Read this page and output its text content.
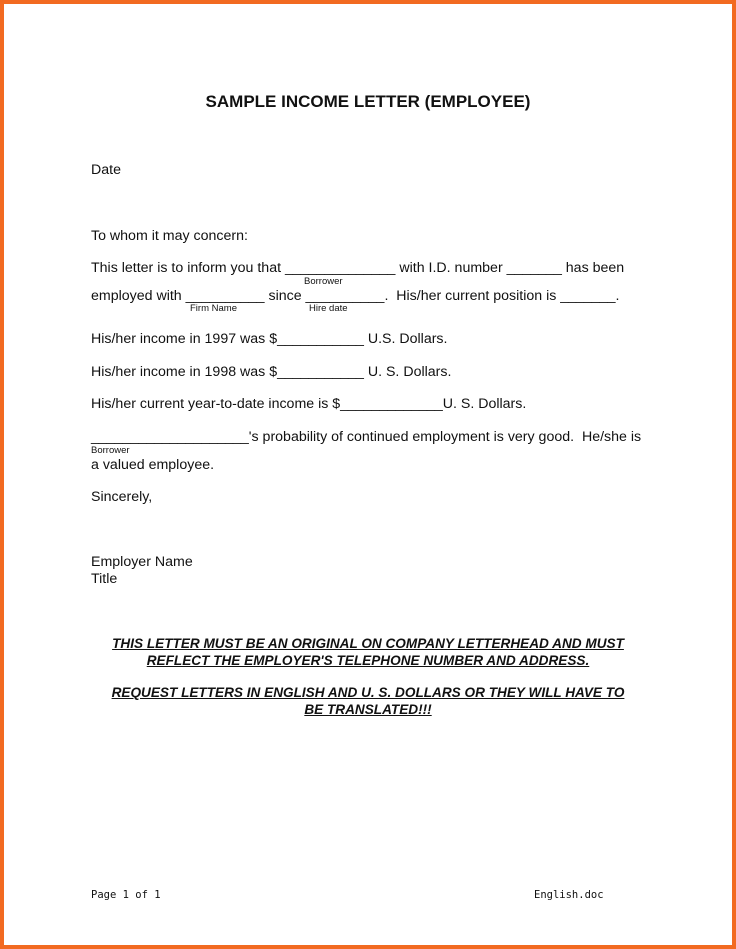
SAMPLE INCOME LETTER (EMPLOYEE)
Date
To whom it may concern:
This letter is to inform you that ______________ with I.D. number _______ has been
Borrower
employed with __________ since __________.  His/her current position is _______.
Firm Name	Hire date
His/her income in 1997 was $___________ U.S. Dollars.
His/her income in 1998 was $___________ U. S. Dollars.
His/her current year-to-date income is $_____________U. S. Dollars.
____________________'s probability of continued employment is very good.  He/she is
Borrower
a valued employee.
Sincerely,
Employer Name
Title
THIS LETTER MUST BE AN ORIGINAL ON COMPANY LETTERHEAD AND MUST
REFLECT THE EMPLOYER'S TELEPHONE NUMBER AND ADDRESS.
REQUEST LETTERS IN ENGLISH AND U. S. DOLLARS OR THEY WILL HAVE TO
BE TRANSLATED!!!
Page 1 of 1	English.doc
